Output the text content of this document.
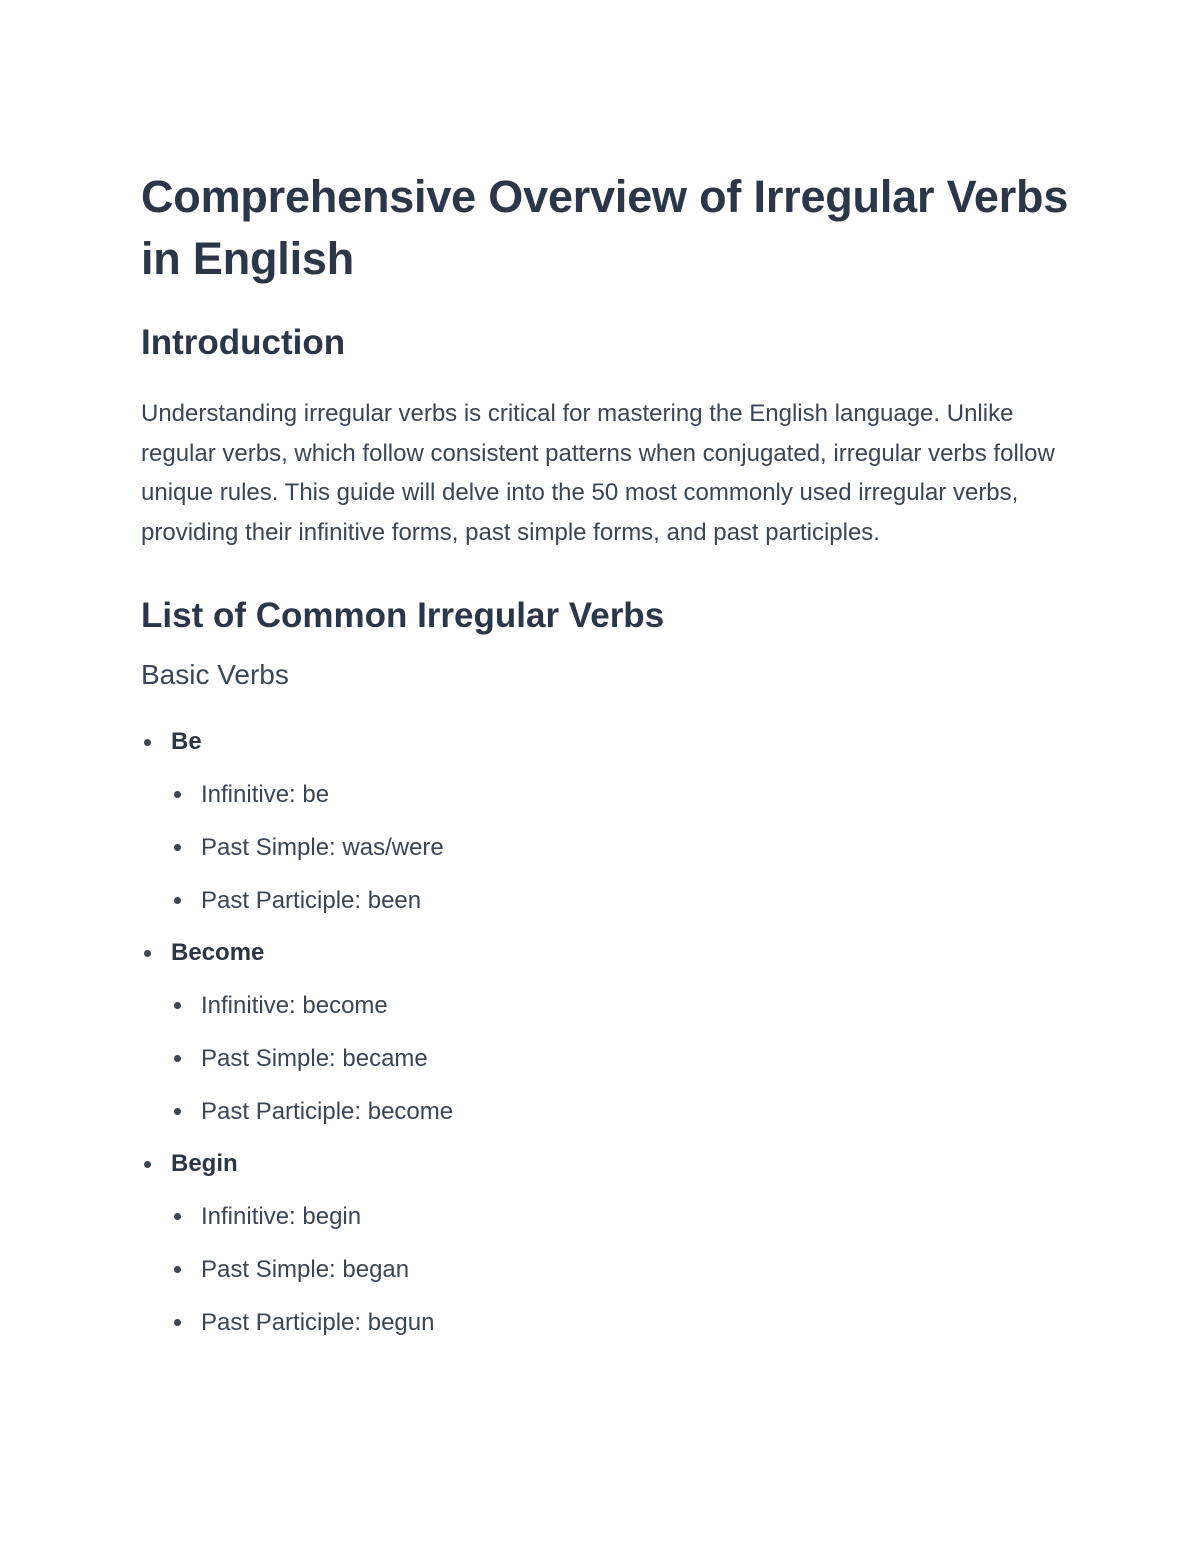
Comprehensive Overview of Irregular Verbs in English
Introduction

Understanding irregular verbs is critical for mastering the English language. Unlike regular verbs, which follow consistent patterns when conjugated, irregular verbs follow unique rules. This guide will delve into the 50 most commonly used irregular verbs, providing their infinitive forms, past simple forms, and past participles.

List of Common Irregular Verbs
Basic Verbs
Be
Infinitive: be
Past Simple: was/were
Past Participle: been
Become
Infinitive: become
Past Simple: became
Past Participle: become
Begin
Infinitive: begin
Past Simple: began
Past Participle: begun
